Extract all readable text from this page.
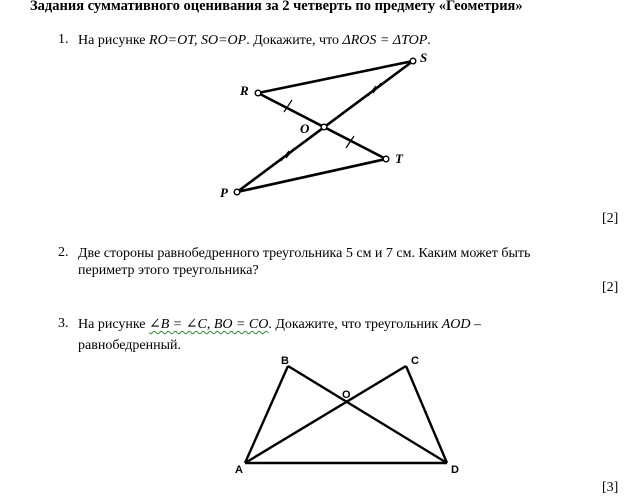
Задания суммативного оценивания за 2 четверть по предмету «Геометрия»
1. На рисунке RO=OT, SO=OP. Докажите, что ΔROS = ΔTOP.
R
S
O
T
P
[2]
2. Две стороны равнобедренного треугольника 5 см и 7 см. Каким может быть
периметр этого треугольника?
[2]
3. На рисунке ∠B = ∠C, BO = CO. Докажите, что треугольник AOD –
равнобедренный.
B	C
O
A	D
[3]
